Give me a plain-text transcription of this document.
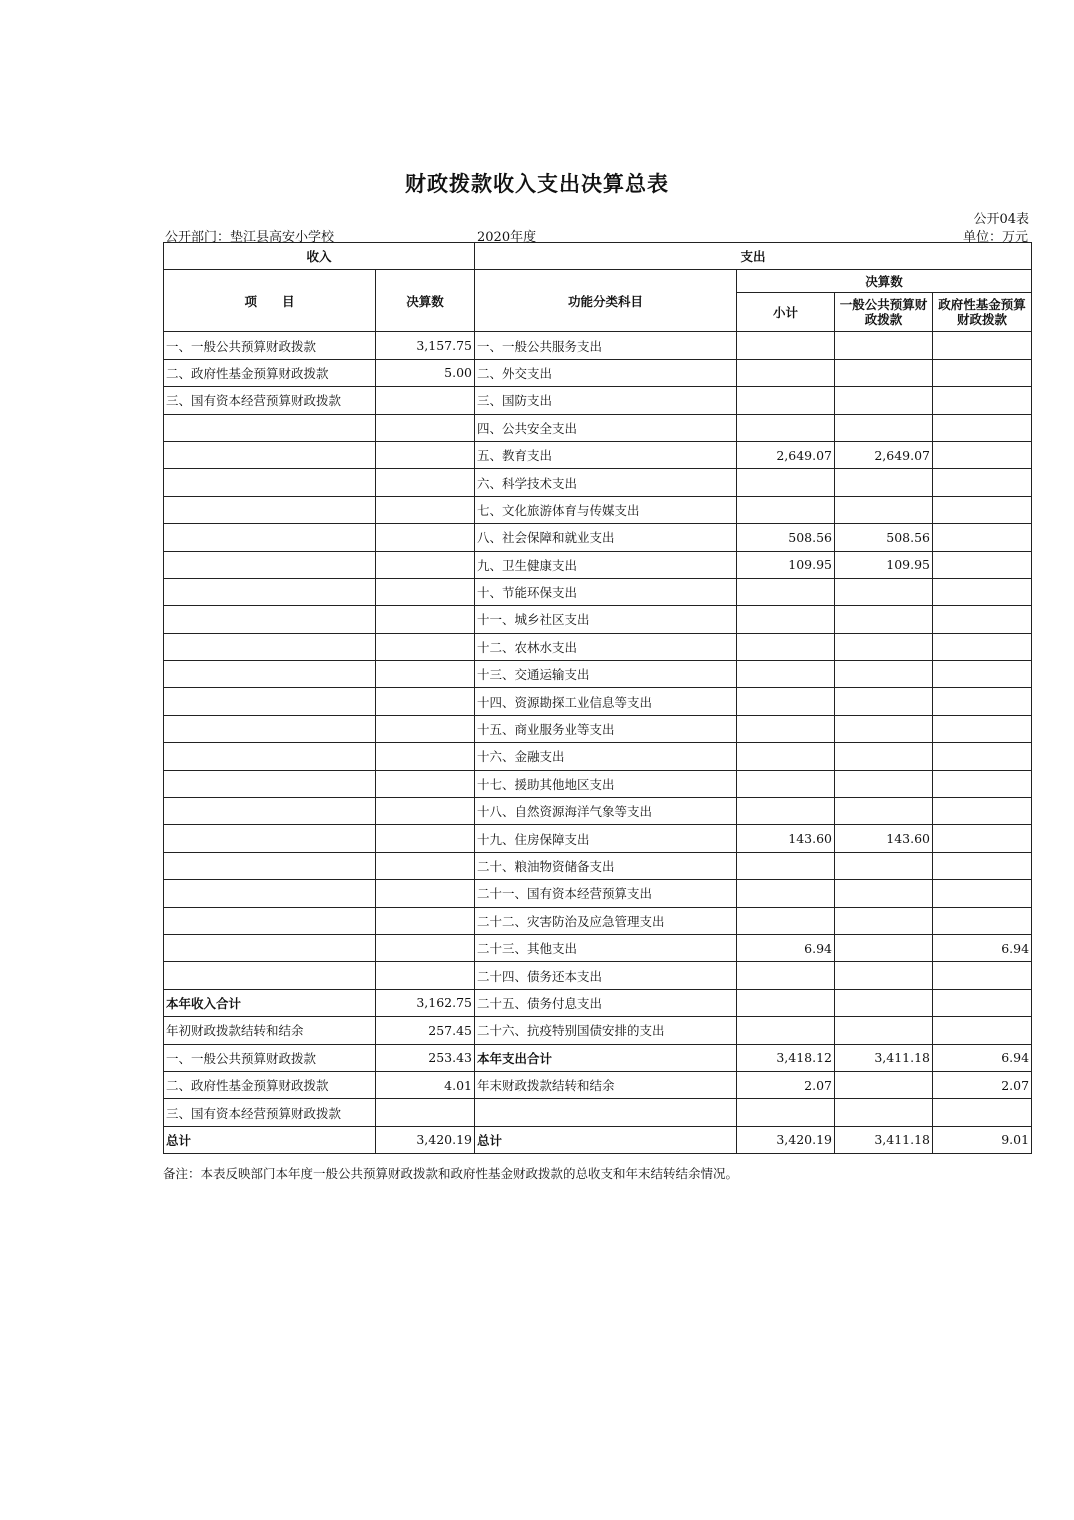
财政拨款收入支出决算总表
公开04表
公开部门：垫江县高安小学校	2020年度	单位：万元
收入		支出			
项　　目	决算数	功能分类科目	决算数		
			小计	一般公共预算财政拨款	政府性基金预算财政拨款
一、一般公共预算财政拨款	3,157.75	一、一般公共服务支出			
二、政府性基金预算财政拨款	5.00	二、外交支出			
三、国有资本经营预算财政拨款		三、国防支出			
		四、公共安全支出			
		五、教育支出	2,649.07	2,649.07	
		六、科学技术支出			
		七、文化旅游体育与传媒支出			
		八、社会保障和就业支出	508.56	508.56	
		九、卫生健康支出	109.95	109.95	
		十、节能环保支出			
		十一、城乡社区支出			
		十二、农林水支出			
		十三、交通运输支出			
		十四、资源勘探工业信息等支出			
		十五、商业服务业等支出			
		十六、金融支出			
		十七、援助其他地区支出			
		十八、自然资源海洋气象等支出			
		十九、住房保障支出	143.60	143.60	
		二十、粮油物资储备支出			
		二十一、国有资本经营预算支出			
		二十二、灾害防治及应急管理支出			
		二十三、其他支出	6.94		6.94
		二十四、债务还本支出			
本年收入合计	3,162.75	二十五、债务付息支出			
年初财政拨款结转和结余	257.45	二十六、抗疫特别国债安排的支出			
一、一般公共预算财政拨款	253.43	本年支出合计	3,418.12	3,411.18	6.94
二、政府性基金预算财政拨款	4.01	年末财政拨款结转和结余	2.07		2.07
三、国有资本经营预算财政拨款					
总计	3,420.19	总计	3,420.19	3,411.18	9.01
备注：本表反映部门本年度一般公共预算财政拨款和政府性基金财政拨款的总收支和年末结转结余情况。
